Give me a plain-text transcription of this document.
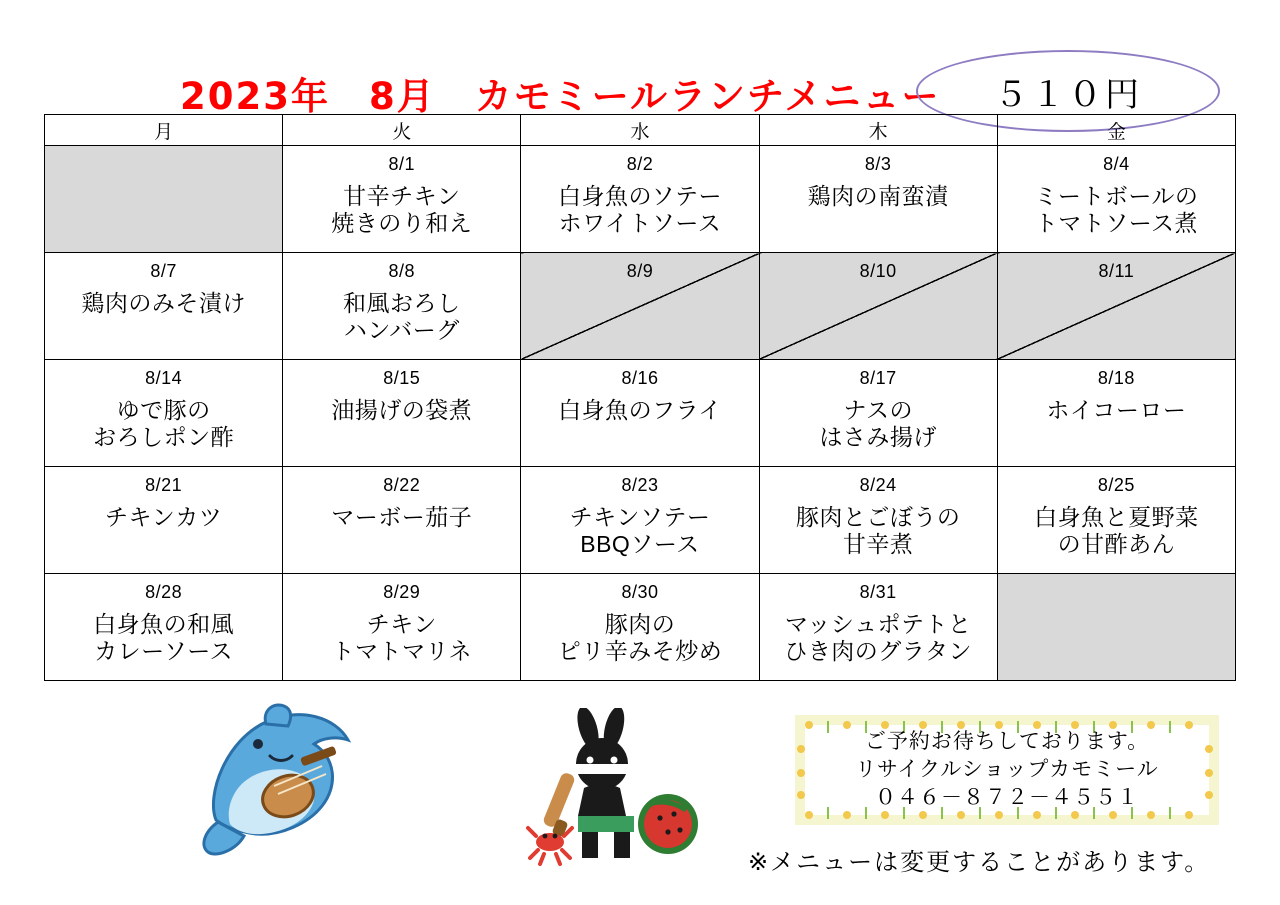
2023年　8月　カモミールランチメニュー ５１０円
月	火	水	木	金

	8/1
甘辛チキン
焼きのり和え	8/2
白身魚のソテー
ホワイトソース	8/3
鶏肉の南蛮漬	8/4
ミートボールの
トマトソース煮

8/7
鶏肉のみそ漬け	8/8
和風おろし
ハンバーグ	8/9	8/10	8/11

8/14
ゆで豚の
おろしポン酢	8/15
油揚げの袋煮	8/16
白身魚のフライ	8/17
ナスの
はさみ揚げ	8/18
ホイコーロー

8/21
チキンカツ	8/22
マーボー茄子	8/23
チキンソテー
BBQソース	8/24
豚肉とごぼうの
甘辛煮	8/25
白身魚と夏野菜
の甘酢あん

8/28
白身魚の和風
カレーソース	8/29
チキン
トマトマリネ	8/30
豚肉の
ピリ辛みそ炒め	8/31
マッシュポテトと
ひき肉のグラタン	

ご予約お待ちしております。
リサイクルショップカモミール
０４６－８７２－４５５１
※メニューは変更することがあります。
